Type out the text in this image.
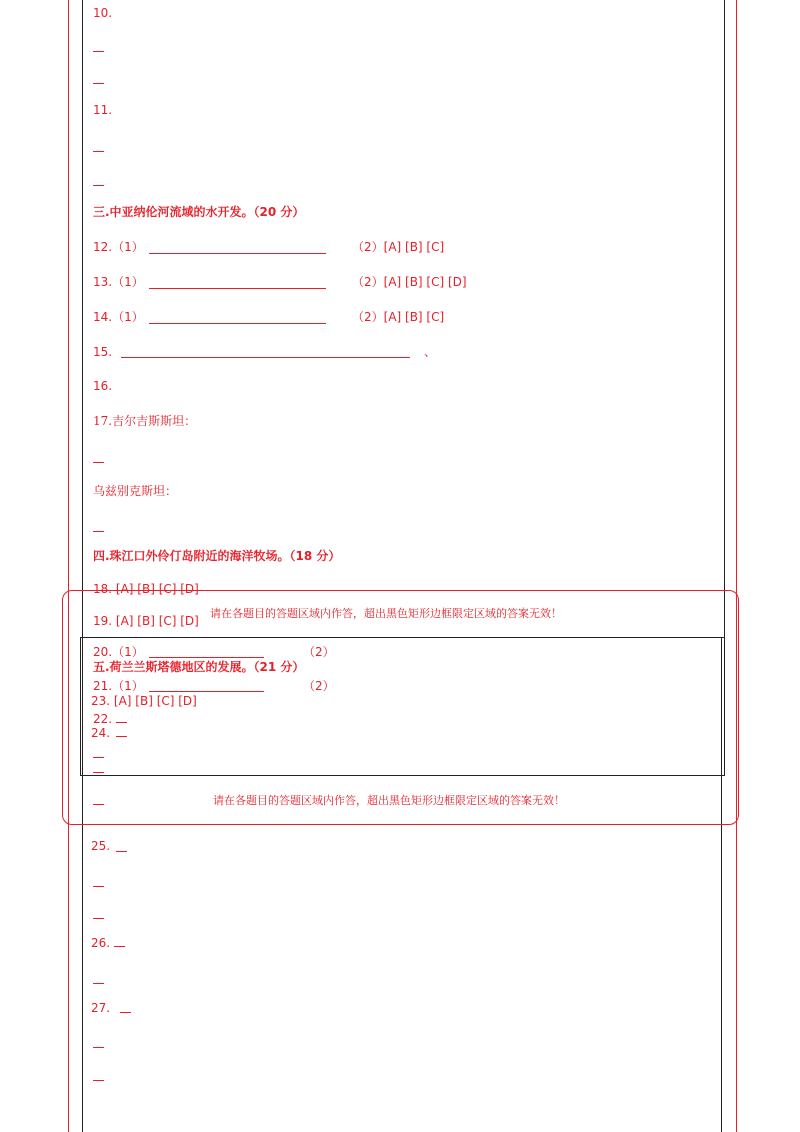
10.
11.
三.中亚纳伦河流域的水开发。（20 分）
12.（1）	（2）[A] [B] [C]
13.（1）	（2）[A] [B] [C] [D]
14.（1）	（2）[A] [B] [C]
15.	、
16.
17.吉尔吉斯斯坦：
乌兹别克斯坦：
四.珠江口外伶仃岛附近的海洋牧场。（18 分）
18. [A] [B] [C] [D]
请在各题目的答题区域内作答，超出黑色矩形边框限定区域的答案无效！
19. [A] [B] [C] [D]
20.（1）	（2）
五.荷兰兰斯塔德地区的发展。（21 分）
21.（1）	（2）
23. [A] [B] [C] [D]
22.
24.
请在各题目的答题区域内作答，超出黑色矩形边框限定区域的答案无效！
25.
26.
27.
